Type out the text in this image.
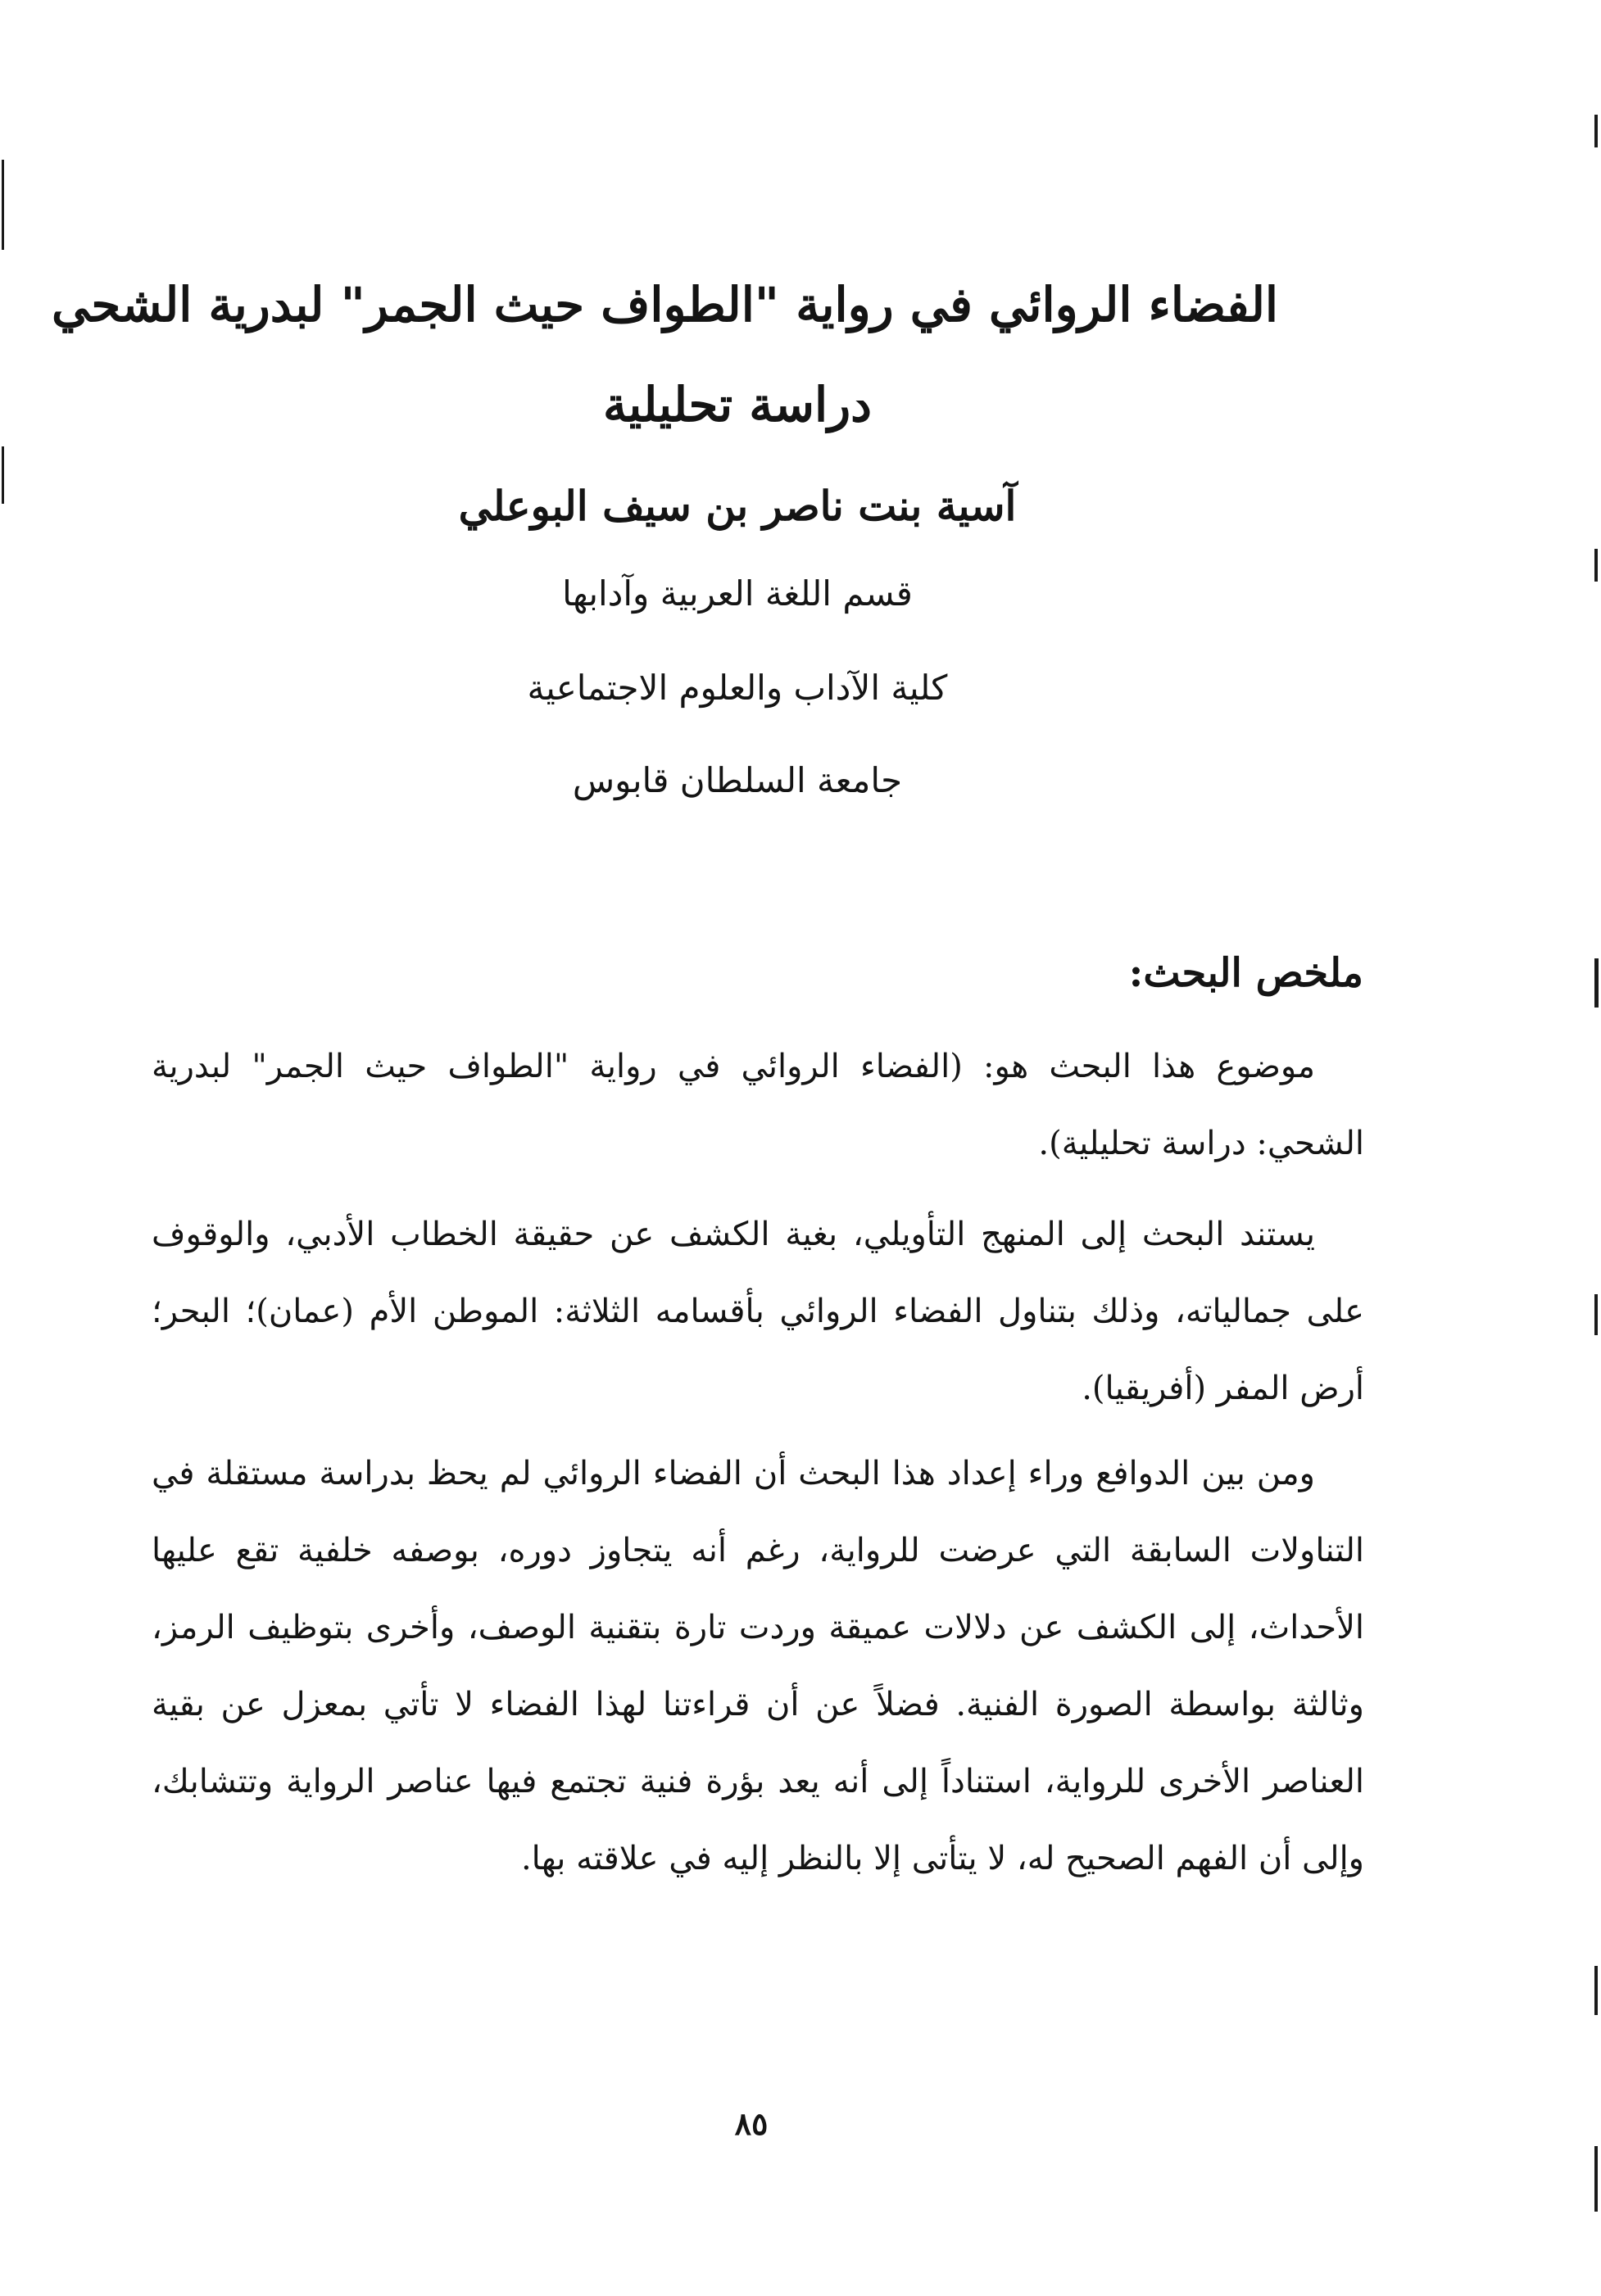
الفضاء الروائي في رواية "الطواف حيث الجمر" لبدرية الشحي
دراسة تحليلية
آسية بنت ناصر بن سيف البوعلي
قسم اللغة العربية وآدابها
كلية الآداب والعلوم الاجتماعية
جامعة السلطان قابوس
ملخص البحث:

موضوع هذا البحث هو: (الفضاء الروائي في رواية "الطواف حيث الجمر" لبدرية الشحي: دراسة تحليلية).

يستند البحث إلى المنهج التأويلي، بغية الكشف عن حقيقة الخطاب الأدبي، والوقوف على جمالياته، وذلك بتناول الفضاء الروائي بأقسامه الثلاثة: الموطن الأم (عمان)؛ البحر؛ أرض المفر (أفريقيا).

ومن بين الدوافع وراء إعداد هذا البحث أن الفضاء الروائي لم يحظ بدراسة مستقلة في التناولات السابقة التي عرضت للرواية، رغم أنه يتجاوز دوره، بوصفه خلفية تقع عليها الأحداث، إلى الكشف عن دلالات عميقة وردت تارة بتقنية الوصف، وأخرى بتوظيف الرمز، وثالثة بواسطة الصورة الفنية. فضلاً عن أن قراءتنا لهذا الفضاء لا تأتي بمعزل عن بقية العناصر الأخرى للرواية، استناداً إلى أنه يعد بؤرة فنية تجتمع فيها عناصر الرواية وتتشابك، وإلى أن الفهم الصحيح له، لا يتأتى إلا بالنظر إليه في علاقته بها.

٨٥
